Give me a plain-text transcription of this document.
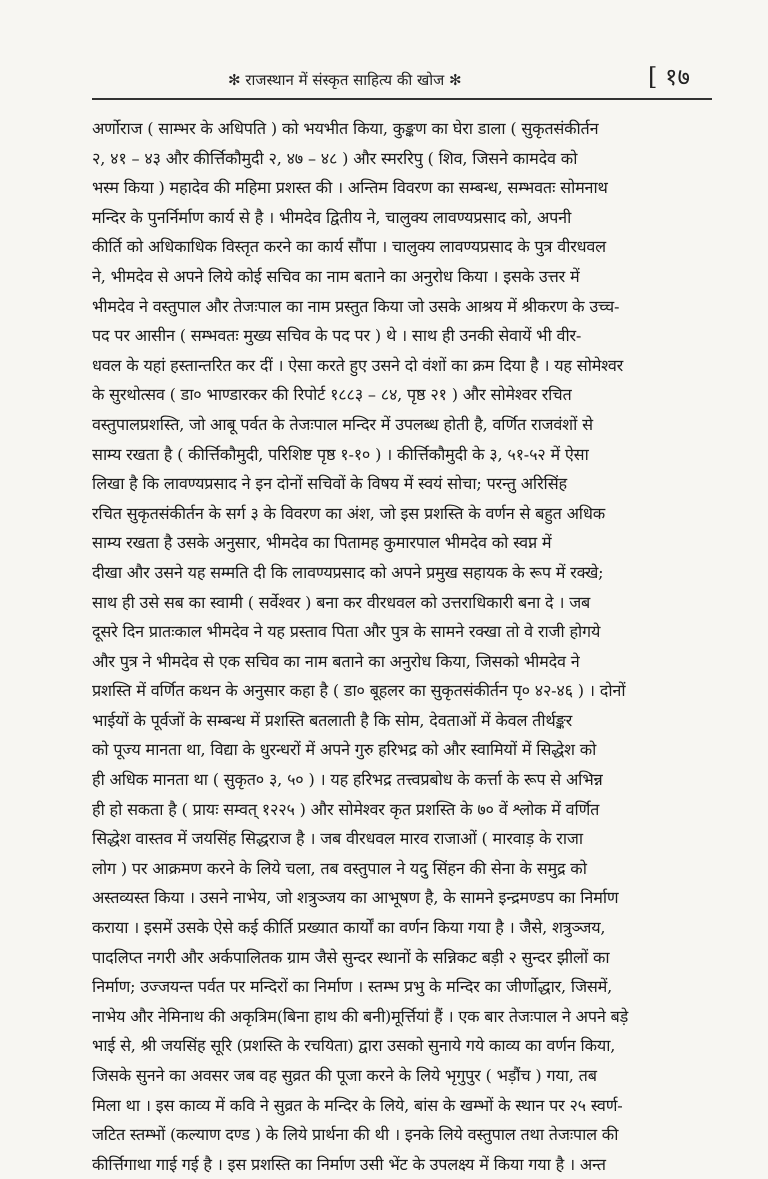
✻ राजस्थान में संस्कृत साहित्य की खोज ✻	[ १७
अर्णोराज ( साम्भर के अधिपति ) को भयभीत किया, कुङ्कण का घेरा डाला ( सुकृतसंकीर्तन
२, ४१ – ४३ और कीर्त्तिकौमुदी २, ४७ – ४८ ) और स्मररिपु ( शिव, जिसने कामदेव को
भस्म किया ) महादेव की महिमा प्रशस्त की । अन्तिम विवरण का सम्बन्ध, सम्भवतः सोमनाथ
मन्दिर के पुनर्निर्माण कार्य से है । भीमदेव द्वितीय ने, चालुक्य लावण्यप्रसाद को, अपनी
कीर्ति को अधिकाधिक विस्तृत करने का कार्य सौंपा । चालुक्य लावण्यप्रसाद के पुत्र वीरधवल
ने, भीमदेव से अपने लिये कोई सचिव का नाम बताने का अनुरोध किया । इसके उत्तर में
भीमदेव ने वस्तुपाल और तेजःपाल का नाम प्रस्तुत किया जो उसके आश्रय में श्रीकरण के उच्च-
पद पर आसीन ( सम्भवतः मुख्य सचिव के पद पर ) थे । साथ ही उनकी सेवायें भी वीर-
धवल के यहां हस्तान्तरित कर दीं । ऐसा करते हुए उसने दो वंशों का क्रम दिया है । यह सोमेश्वर
के सुरथोत्सव ( डा० भाण्डारकर की रिपोर्ट १८८३ – ८४, पृष्ठ २१ ) और सोमेश्वर रचित
वस्तुपालप्रशस्ति, जो आबू पर्वत के तेजःपाल मन्दिर में उपलब्ध होती है, वर्णित राजवंशों से
साम्य रखता है ( कीर्त्तिकौमुदी, परिशिष्ट पृष्ठ १-१० ) । कीर्त्तिकौमुदी के ३, ५१-५२ में ऐसा
लिखा है कि लावण्यप्रसाद ने इन दोनों सचिवों के विषय में स्वयं सोचा; परन्तु अरिसिंह
रचित सुकृतसंकीर्तन के सर्ग ३ के विवरण का अंश, जो इस प्रशस्ति के वर्णन से बहुत अधिक
साम्य रखता है उसके अनुसार, भीमदेव का पितामह कुमारपाल भीमदेव को स्वप्न में
दीखा और उसने यह सम्मति दी कि लावण्यप्रसाद को अपने प्रमुख सहायक के रूप में रक्खे;
साथ ही उसे सब का स्वामी ( सर्वेश्वर ) बना कर वीरधवल को उत्तराधिकारी बना दे । जब
दूसरे दिन प्रातःकाल भीमदेव ने यह प्रस्ताव पिता और पुत्र के सामने रक्खा तो वे राजी होगये
और पुत्र ने भीमदेव से एक सचिव का नाम बताने का अनुरोध किया, जिसको भीमदेव ने
प्रशस्ति में वर्णित कथन के अनुसार कहा है ( डा० बूहलर का सुकृतसंकीर्तन पृ० ४२-४६ ) । दोनों
भाईयों के पूर्वजों के सम्बन्ध में प्रशस्ति बतलाती है कि सोम, देवताओं में केवल तीर्थङ्कर
को पूज्य मानता था, विद्या के धुरन्धरों में अपने गुरु हरिभद्र को और स्वामियों में सिद्धेश को
ही अधिक मानता था ( सुकृत० ३, ५० ) । यह हरिभद्र तत्त्वप्रबोध के कर्त्ता के रूप से अभिन्न
ही हो सकता है ( प्रायः सम्वत् १२२५ ) और सोमेश्वर कृत प्रशस्ति के ७० वें श्लोक में वर्णित
सिद्धेश वास्तव में जयसिंह सिद्धराज है । जब वीरधवल मारव राजाओं ( मारवाड़ के राजा
लोग ) पर आक्रमण करने के लिये चला, तब वस्तुपाल ने यदु सिंहन की सेना के समुद्र को
अस्तव्यस्त किया । उसने नाभेय, जो शत्रुञ्जय का आभूषण है, के सामने इन्द्रमण्डप का निर्माण
कराया । इसमें उसके ऐसे कई कीर्ति प्रख्यात कार्यों का वर्णन किया गया है । जैसे, शत्रुञ्जय,
पादलिप्त नगरी और अर्कपालितक ग्राम जैसे सुन्दर स्थानों के सन्निकट बड़ी २ सुन्दर झीलों का
निर्माण; उज्जयन्त पर्वत पर मन्दिरों का निर्माण । स्तम्भ प्रभु के मन्दिर का जीर्णोद्धार, जिसमें,
नाभेय और नेमिनाथ की अकृत्रिम(बिना हाथ की बनी)मूर्त्तियां हैं । एक बार तेजःपाल ने अपने बड़े
भाई से, श्री जयसिंह सूरि (प्रशस्ति के रचयिता) द्वारा उसको सुनाये गये काव्य का वर्णन किया,
जिसके सुनने का अवसर जब वह सुव्रत की पूजा करने के लिये भृगुपुर ( भड़ौंच ) गया, तब
मिला था । इस काव्य में कवि ने सुव्रत के मन्दिर के लिये, बांस के खम्भों के स्थान पर २५ स्वर्ण-
जटित स्तम्भों (कल्याण दण्ड ) के लिये प्रार्थना की थी । इनके लिये वस्तुपाल तथा तेजःपाल की
कीर्त्तिगाथा गाई गई है । इस प्रशस्ति का निर्माण उसी भेंट के उपलक्ष्य में किया गया है । अन्त
